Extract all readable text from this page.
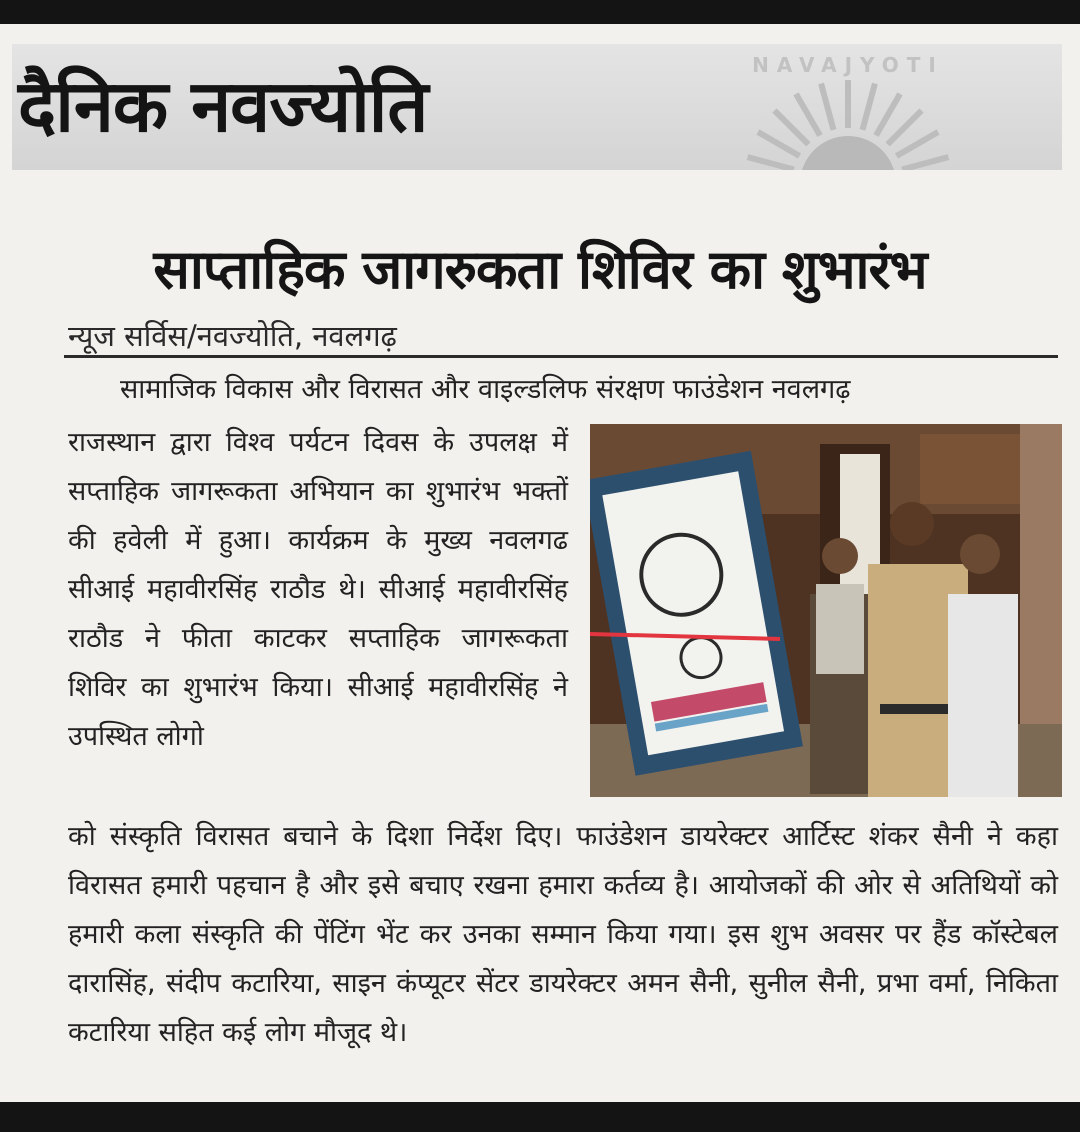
दैनिक नवज्योति	NAVAJYOTI
साप्ताहिक जागरुकता शिविर का शुभारंभ
न्यूज सर्विस/नवज्योति, नवलगढ़
सामाजिक विकास और विरासत और वाइल्डलिफ संरक्षण फाउंडेशन नवलगढ़
राजस्थान द्वारा विश्व पर्यटन दिवस के उपलक्ष में सप्ताहिक जागरूकता अभियान का शुभारंभ भक्तों की हवेली में हुआ। कार्यक्रम के मुख्य नवलगढ सीआई महावीरसिंह राठौड थे। सीआई महावीरसिंह राठौड ने फीता काटकर सप्ताहिक जागरूकता शिविर का शुभारंभ किया। सीआई महावीरसिंह ने उपस्थित लोगो
को संस्कृति विरासत बचाने के दिशा निर्देश दिए। फाउंडेशन डायरेक्टर आर्टिस्ट शंकर सैनी ने कहा विरासत हमारी पहचान है और इसे बचाए रखना हमारा कर्तव्य है। आयोजकों की ओर से अतिथियों को हमारी कला संस्कृति की पेंटिंग भेंट कर उनका सम्मान किया गया। इस शुभ अवसर पर हैंड कॉस्टेबल दारासिंह, संदीप कटारिया, साइन कंप्यूटर सेंटर डायरेक्टर अमन सैनी, सुनील सैनी, प्रभा वर्मा, निकिता कटारिया सहित कई लोग मौजूद थे।
